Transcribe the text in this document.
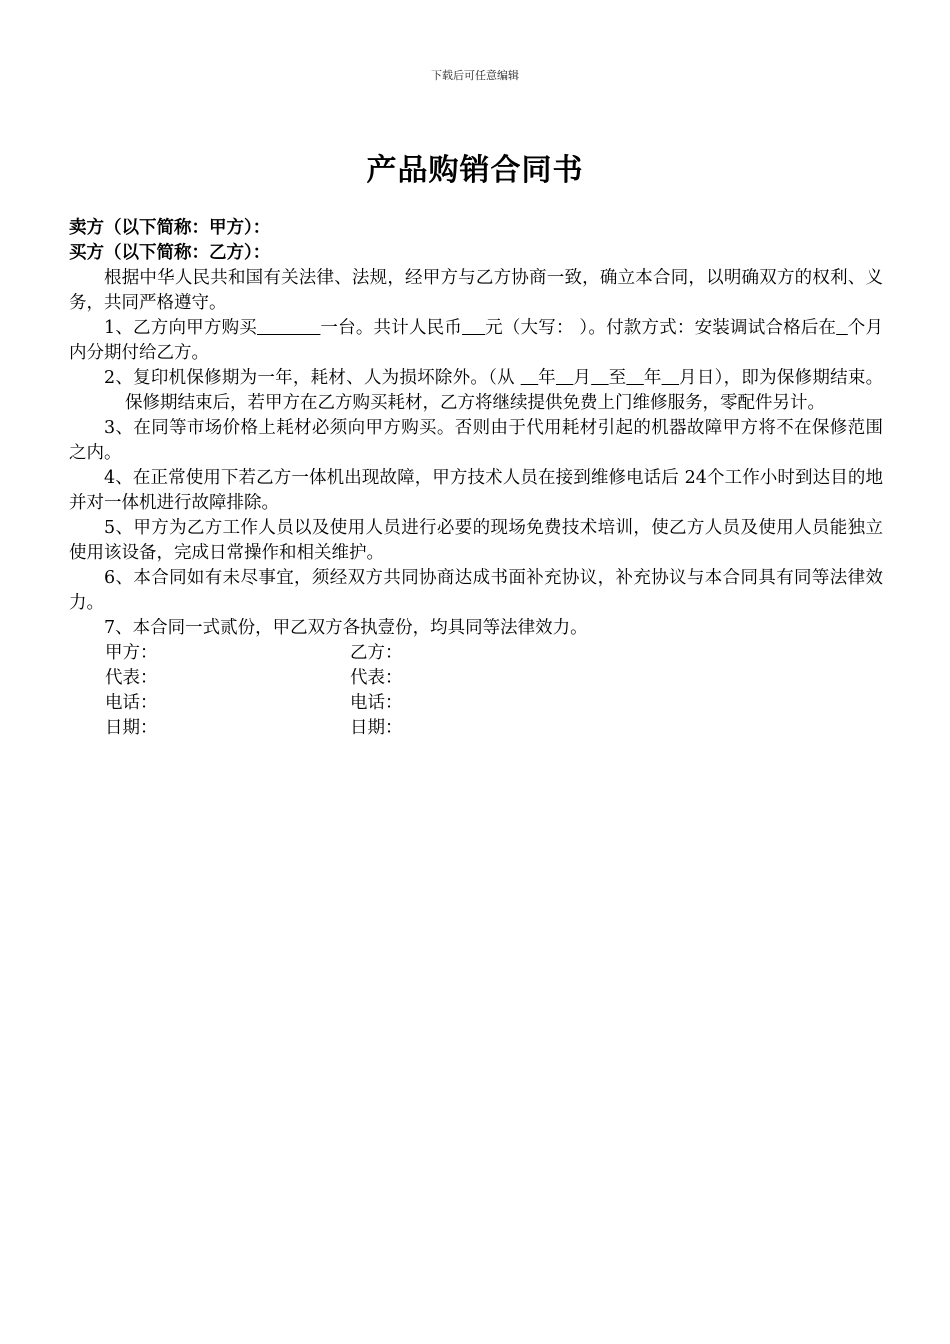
下载后可任意编辑
产品购销合同书

卖方（以下简称：甲方）：

买方（以下简称：乙方）：

根据中华人民共和国有关法律、法规，经甲方与乙方协商一致，确立本合同，以明确双方的权利、义务，共同严格遵守。

1、乙方向甲方购买	一台。共计人民币 元（大写： ）。付款方式：安装调试合格后在 个月内分期付给乙方。

2、复印机保修期为一年，耗材、人为损坏除外。（从    年 月 至 年 月日），即为保修期结束。保修期结束后，若甲方在乙方购买耗材，乙方将继续提供免费上门维修服务，零配件另计。

3、在同等市场价格上耗材必须向甲方购买。否则由于代用耗材引起的机器故障甲方将不在保修范围之内。

4、在正常使用下若乙方一体机出现故障，甲方技术人员在接到维修电话后 24个工作小时到达目的地并对一体机进行故障排除。

5、甲方为乙方工作人员以及使用人员进行必要的现场免费技术培训，使乙方人员及使用人员能独立使用该设备，完成日常操作和相关维护。

6、本合同如有未尽事宜，须经双方共同协商达成书面补充协议，补充协议与本合同具有同等法律效力。

7、本合同一式贰份，甲乙双方各执壹份，均具同等法律效力。

甲方：	乙方：
代表：	代表：
电话：	电话：
日期：	日期：
